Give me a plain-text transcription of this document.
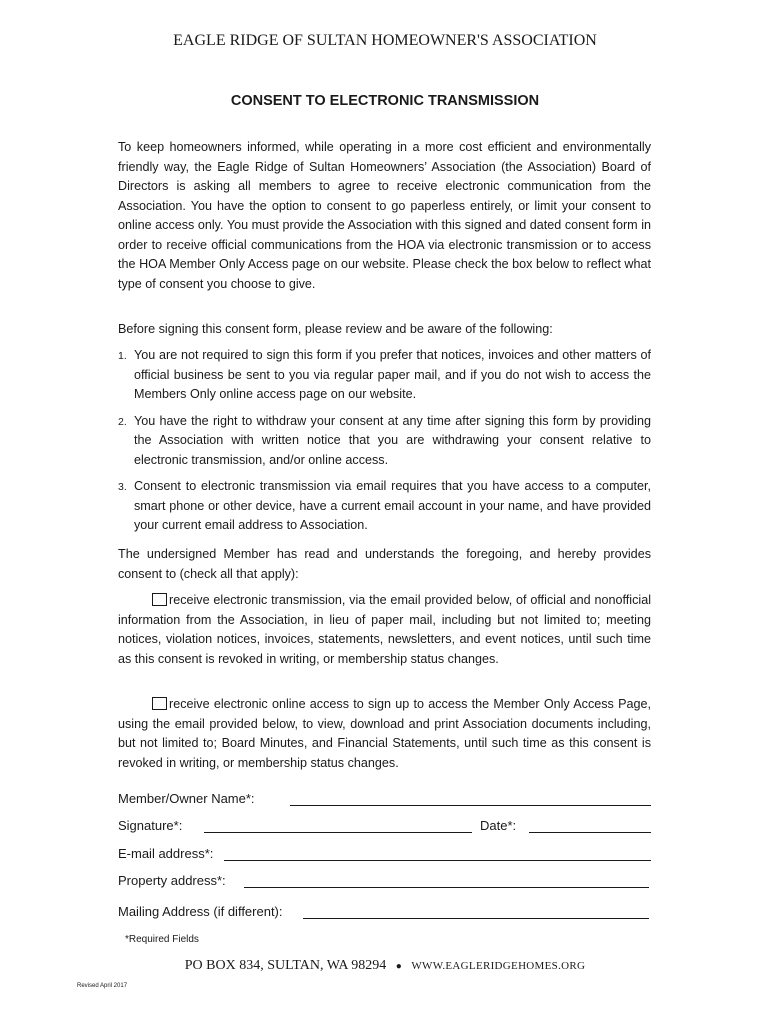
EAGLE RIDGE OF SULTAN HOMEOWNER'S ASSOCIATION
CONSENT TO ELECTRONIC TRANSMISSION

To keep homeowners informed, while operating in a more cost efficient and environmentally friendly way, the Eagle Ridge of Sultan Homeowners’ Association (the Association) Board of Directors is asking all members to agree to receive electronic communication from the Association. You have the option to consent to go paperless entirely, or limit your consent to online access only. You must provide the Association with this signed and dated consent form in order to receive official communications from the HOA via electronic transmission or to access the HOA Member Only Access page on our website. Please check the box below to reflect what type of consent you choose to give.

Before signing this consent form, please review and be aware of the following:

1. You are not required to sign this form if you prefer that notices, invoices and other matters of official business be sent to you via regular paper mail, and if you do not wish to access the Members Only online access page on our website.
2. You have the right to withdraw your consent at any time after signing this form by providing the Association with written notice that you are withdrawing your consent relative to electronic transmission, and/or online access.
3. Consent to electronic transmission via email requires that you have access to a computer, smart phone or other device, have a current email account in your name, and have provided your current email address to Association.

The undersigned Member has read and understands the foregoing, and hereby provides consent to (check all that apply):

receive electronic transmission, via the email provided below, of official and nonofficial information from the Association, in lieu of paper mail, including but not limited to; meeting notices, violation notices, invoices, statements, newsletters, and event notices, until such time as this consent is revoked in writing, or membership status changes.
receive electronic online access to sign up to access the Member Only Access Page, using the email provided below, to view, download and print Association documents including, but not limited to; Board Minutes, and Financial Statements, until such time as this consent is revoked in writing, or membership status changes.
Member/Owner Name*:
Signature*:	Date*:
E-mail address*:
Property address*:
Mailing Address (if different):
*Required Fields
PO BOX 834, SULTAN, WA 98294 ● WWW.EAGLERIDGEHOMES.ORG
Revised April 2017
